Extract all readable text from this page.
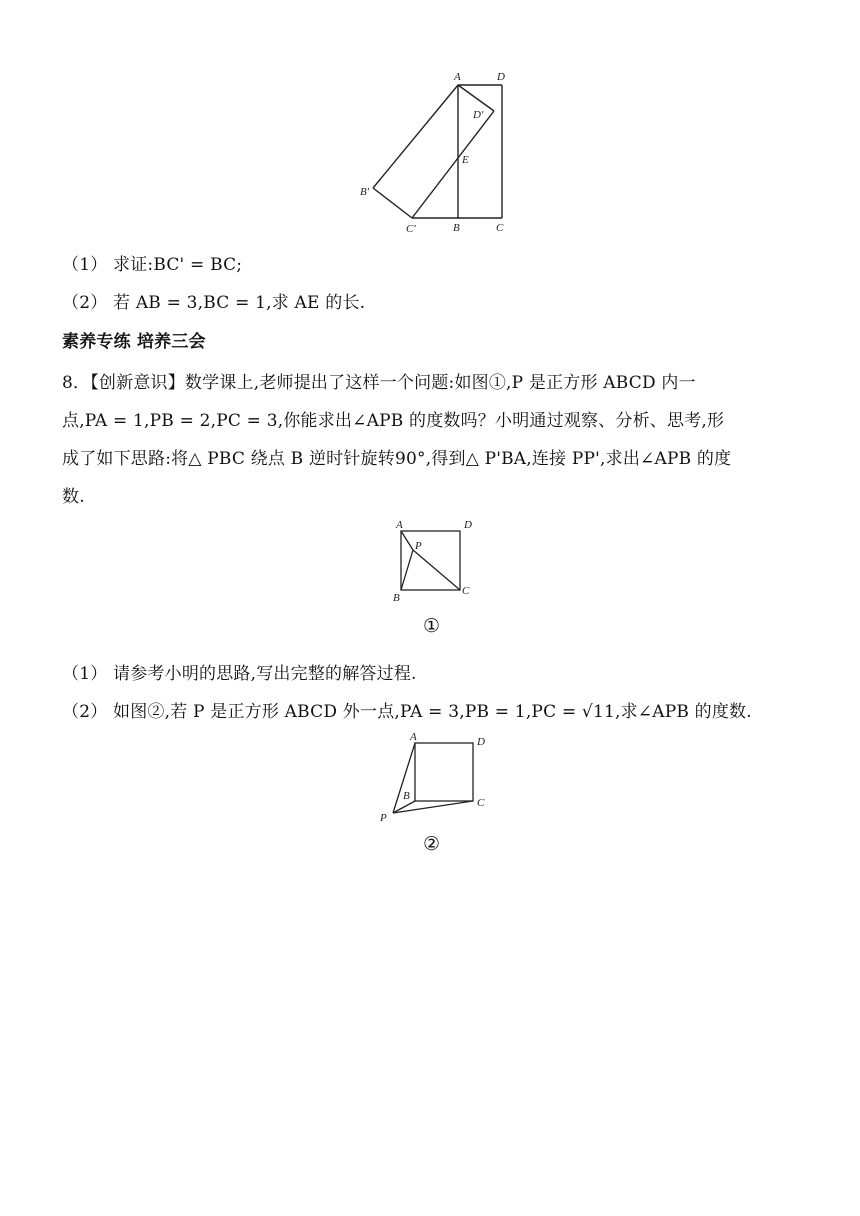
A	D
D′
E
B′
C′	B	C
（1） 求证:BC' = BC;
（2） 若 AB = 3,BC = 1,求 AE 的长.
素养专练 培养三会
8．【创新意识】数学课上,老师提出了这样一个问题:如图①,P 是正方形 ABCD 内一
点,PA = 1,PB = 2,PC = 3,你能求出∠APB 的度数吗？小明通过观察、分析、思考,形
成了如下思路:将△ PBC 绕点 B 逆时针旋转90°,得到△ P'BA,连接 PP',求出∠APB 的度
数.
A	D
P
B
C
①
（1） 请参考小明的思路,写出完整的解答过程.
（2） 如图②,若 P 是正方形 ABCD 外一点,PA = 3,PB = 1,PC = √11,求∠APB 的度数.
A	D
B
C
P
②
